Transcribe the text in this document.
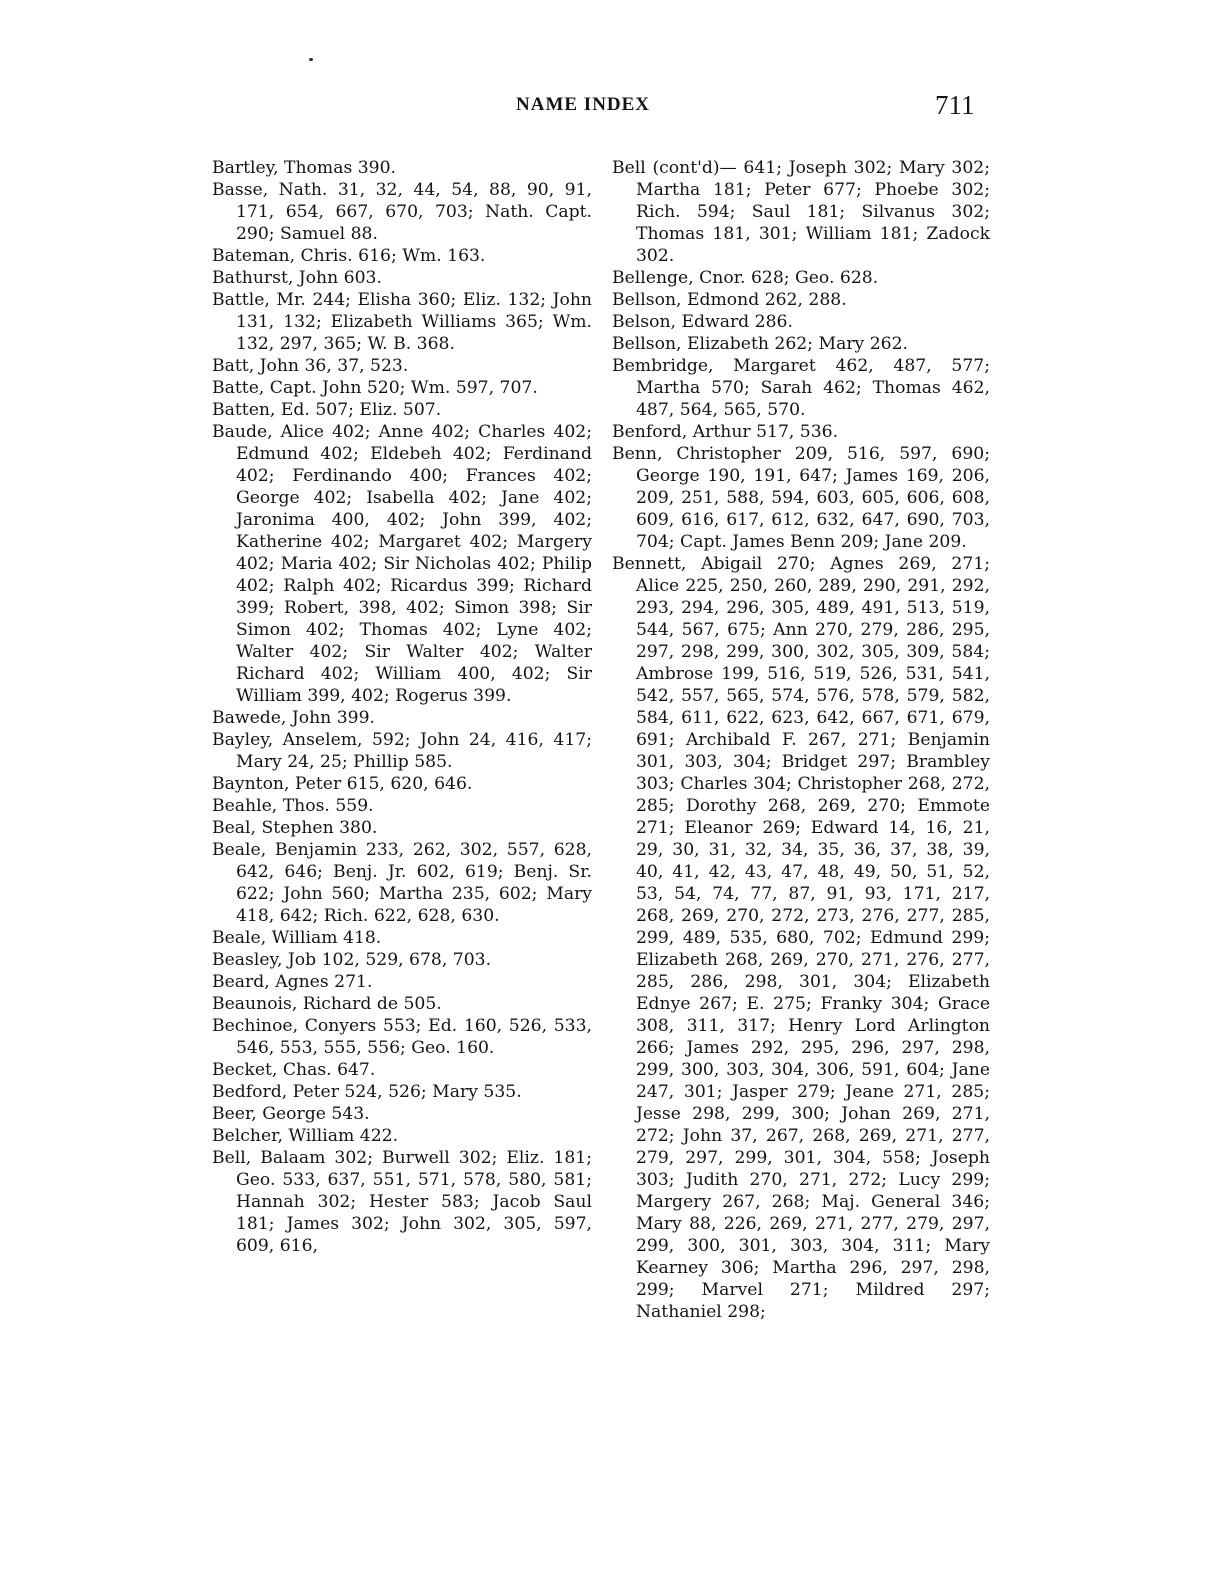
NAME INDEX	711

Bartley, Thomas 390.

Basse, Nath. 31, 32, 44, 54, 88, 90, 91, 171, 654, 667, 670, 703; Nath. Capt. 290; Samuel 88.

Bateman, Chris. 616; Wm. 163.

Bathurst, John 603.

Battle, Mr. 244; Elisha 360; Eliz. 132; John 131, 132; Elizabeth Williams 365; Wm. 132, 297, 365; W. B. 368.

Batt, John 36, 37, 523.

Batte, Capt. John 520; Wm. 597, 707.

Batten, Ed. 507; Eliz. 507.

Baude, Alice 402; Anne 402; Charles 402; Edmund 402; Eldebeh 402; Ferdinand 402; Ferdinando 400; Frances 402; George 402; Isabella 402; Jane 402; Jaronima 400, 402; John 399, 402; Katherine 402; Margaret 402; Margery 402; Maria 402; Sir Nicholas 402; Philip 402; Ralph 402; Ricardus 399; Richard 399; Robert, 398, 402; Simon 398; Sir Simon 402; Thomas 402; Lyne 402; Walter 402; Sir Walter 402; Walter Richard 402; William 400, 402; Sir William 399, 402; Rogerus 399.

Bawede, John 399.

Bayley, Anselem, 592; John 24, 416, 417; Mary 24, 25; Phillip 585.

Baynton, Peter 615, 620, 646.

Beahle, Thos. 559.

Beal, Stephen 380.

Beale, Benjamin 233, 262, 302, 557, 628, 642, 646; Benj. Jr. 602, 619; Benj. Sr. 622; John 560; Martha 235, 602; Mary 418, 642; Rich. 622, 628, 630.

Beale, William 418.

Beasley, Job 102, 529, 678, 703.

Beard, Agnes 271.

Beaunois, Richard de 505.

Bechinoe, Conyers 553; Ed. 160, 526, 533, 546, 553, 555, 556; Geo. 160.

Becket, Chas. 647.

Bedford, Peter 524, 526; Mary 535.

Beer, George 543.

Belcher, William 422.

Bell, Balaam 302; Burwell 302; Eliz. 181; Geo. 533, 637, 551, 571, 578, 580, 581; Hannah 302; Hester 583; Jacob Saul 181; James 302; John 302, 305, 597, 609, 616,

Bell (cont'd)— 641; Joseph 302; Mary 302; Martha 181; Peter 677; Phoebe 302; Rich. 594; Saul 181; Silvanus 302; Thomas 181, 301; William 181; Zadock 302.

Bellenge, Cnor. 628; Geo. 628.

Bellson, Edmond 262, 288.

Belson, Edward 286.

Bellson, Elizabeth 262; Mary 262.

Bembridge, Margaret 462, 487, 577; Martha 570; Sarah 462; Thomas 462, 487, 564, 565, 570.

Benford, Arthur 517, 536.

Benn, Christopher 209, 516, 597, 690; George 190, 191, 647; James 169, 206, 209, 251, 588, 594, 603, 605, 606, 608, 609, 616, 617, 612, 632, 647, 690, 703, 704; Capt. James Benn 209; Jane 209.

Bennett, Abigail 270; Agnes 269, 271; Alice 225, 250, 260, 289, 290, 291, 292, 293, 294, 296, 305, 489, 491, 513, 519, 544, 567, 675; Ann 270, 279, 286, 295, 297, 298, 299, 300, 302, 305, 309, 584; Ambrose 199, 516, 519, 526, 531, 541, 542, 557, 565, 574, 576, 578, 579, 582, 584, 611, 622, 623, 642, 667, 671, 679, 691; Archibald F. 267, 271; Benjamin 301, 303, 304; Bridget 297; Brambley 303; Charles 304; Christopher 268, 272, 285; Dorothy 268, 269, 270; Emmote 271; Eleanor 269; Edward 14, 16, 21, 29, 30, 31, 32, 34, 35, 36, 37, 38, 39, 40, 41, 42, 43, 47, 48, 49, 50, 51, 52, 53, 54, 74, 77, 87, 91, 93, 171, 217, 268, 269, 270, 272, 273, 276, 277, 285, 299, 489, 535, 680, 702; Edmund 299; Elizabeth 268, 269, 270, 271, 276, 277, 285, 286, 298, 301, 304; Elizabeth Ednye 267; E. 275; Franky 304; Grace 308, 311, 317; Henry Lord Arlington 266; James 292, 295, 296, 297, 298, 299, 300, 303, 304, 306, 591, 604; Jane 247, 301; Jasper 279; Jeane 271, 285; Jesse 298, 299, 300; Johan 269, 271, 272; John 37, 267, 268, 269, 271, 277, 279, 297, 299, 301, 304, 558; Joseph 303; Judith 270, 271, 272; Lucy 299; Margery 267, 268; Maj. General 346; Mary 88, 226, 269, 271, 277, 279, 297, 299, 300, 301, 303, 304, 311; Mary Kearney 306; Martha 296, 297, 298, 299; Marvel 271; Mildred 297; Nathaniel 298;
